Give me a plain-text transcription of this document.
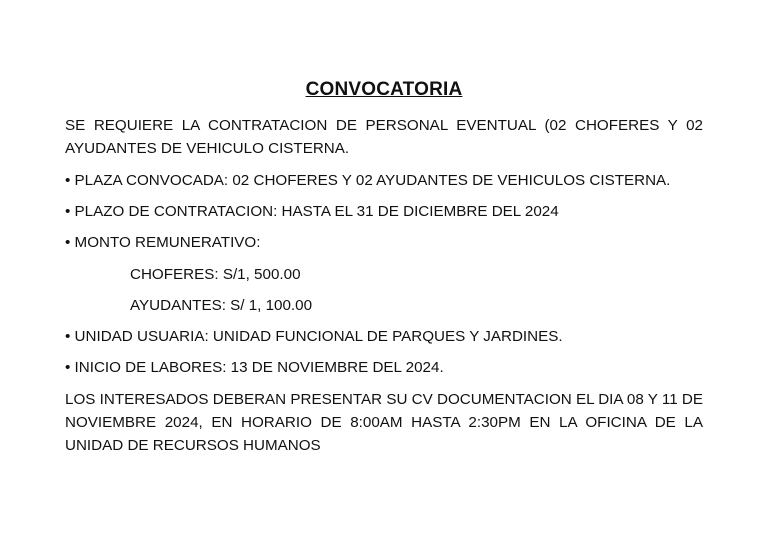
CONVOCATORIA
SE REQUIERE LA CONTRATACION DE PERSONAL EVENTUAL (02 CHOFERES Y 02 AYUDANTES DE VEHICULO CISTERNA.
• PLAZA CONVOCADA: 02 CHOFERES Y 02 AYUDANTES DE VEHICULOS CISTERNA.
• PLAZO DE CONTRATACION: HASTA EL 31 DE DICIEMBRE DEL 2024
• MONTO REMUNERATIVO:
CHOFERES: S/1, 500.00
AYUDANTES: S/ 1, 100.00
• UNIDAD USUARIA: UNIDAD FUNCIONAL DE PARQUES Y JARDINES.
• INICIO DE LABORES: 13 DE NOVIEMBRE DEL 2024.
LOS INTERESADOS DEBERAN PRESENTAR SU CV DOCUMENTACION EL DIA 08 Y 11 DE NOVIEMBRE 2024, EN HORARIO DE 8:00AM HASTA 2:30PM EN LA OFICINA DE LA UNIDAD DE RECURSOS HUMANOS
